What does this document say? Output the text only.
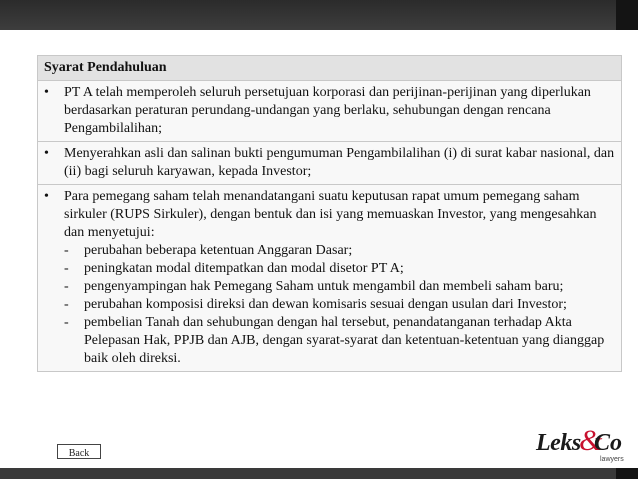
Syarat Pendahuluan

•	PT A telah memperoleh seluruh persetujuan korporasi dan perijinan-perijinan yang diperlukan berdasarkan peraturan perundang-undangan yang berlaku, sehubungan dengan rencana Pengambilalihan;

•	Menyerahkan asli dan salinan bukti pengumuman Pengambilalihan (i) di surat kabar nasional, dan (ii) bagi seluruh karyawan, kepada Investor;

•	Para pemegang saham telah menandatangani suatu keputusan rapat umum pemegang saham sirkuler (RUPS Sirkuler), dengan bentuk dan isi yang memuaskan Investor, yang mengesahkan dan menyetujui:
-	perubahan beberapa ketentuan Anggaran Dasar;
-	peningkatan modal ditempatkan dan modal disetor PT A;
-	pengenyampingan hak Pemegang Saham untuk mengambil dan membeli saham baru;
-	perubahan komposisi direksi dan dewan komisaris sesuai dengan usulan dari Investor;
-	pembelian Tanah dan sehubungan dengan hal tersebut, penandatanganan terhadap Akta Pelepasan Hak, PPJB dan AJB, dengan syarat-syarat dan ketentuan-ketentuan yang dianggap baik oleh direksi.
Back	Leks
&
Co
lawyers
